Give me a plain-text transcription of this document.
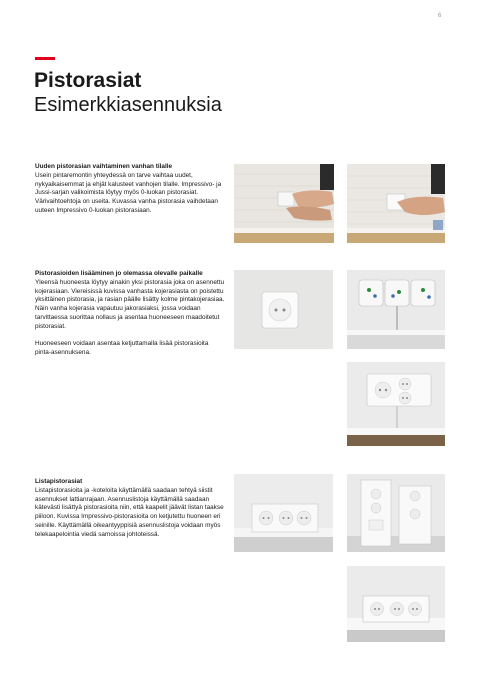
6
Pistorasiat
Esimerkkiasennuksia
Uuden pistorasian vaihtaminen vanhan tilalle

Usein pintaremontin yhteydessä on tarve vaihtaa uudet, nykyaikaisemmat ja ehjät kalusteet vanhojen tilalle. Impressivo- ja Jussi-sarjan valikoimista löytyy myös 0-luokan pistorasiat. Värivaihtoehtoja on useita. Kuvassa vanha pistorasia vaihdetaan uuteen Impressivo 0-luokan pistorasiaan.

Pistorasioiden lisääminen jo olemassa olevalle paikalle

Yleensä huoneesta löytyy ainakin yksi pistorasia joka on asennettu kojerasiaan. Viereisissä kuvissa vanhasta kojerasiasta on poistettu yksittäinen pistorasia, ja rasian päälle lisätty kolme pintakojerasiaa. Näin vanha kojerasia vapautuu jakorasiaksi, jossa voidaan tarvittaessa suorittaa nollaus ja asentaa huoneeseen maadoitetut pistorasiat.

Huoneeseen voidaan asentaa ketjuttamalla lisää pistorasioita pinta-asennuksena.

Listapistorasiat

Listapistorasioita ja -koteloita käyttämällä saadaan tehtyä siistit asennukset lattianrajaan. Asennuslistoja käyttämällä saadaan kätevästi lisättyä pistorasioita niin, että kaapelit jäävät listan taakse piiloon. Kuvissa Impressivo-pistorasioita on ketjutettu huoneen eri seinille. Käyttämällä oikeantyyppisiä asennuslistoja voidaan myös telekaapelointia viedä samoissa johtoteissä.
